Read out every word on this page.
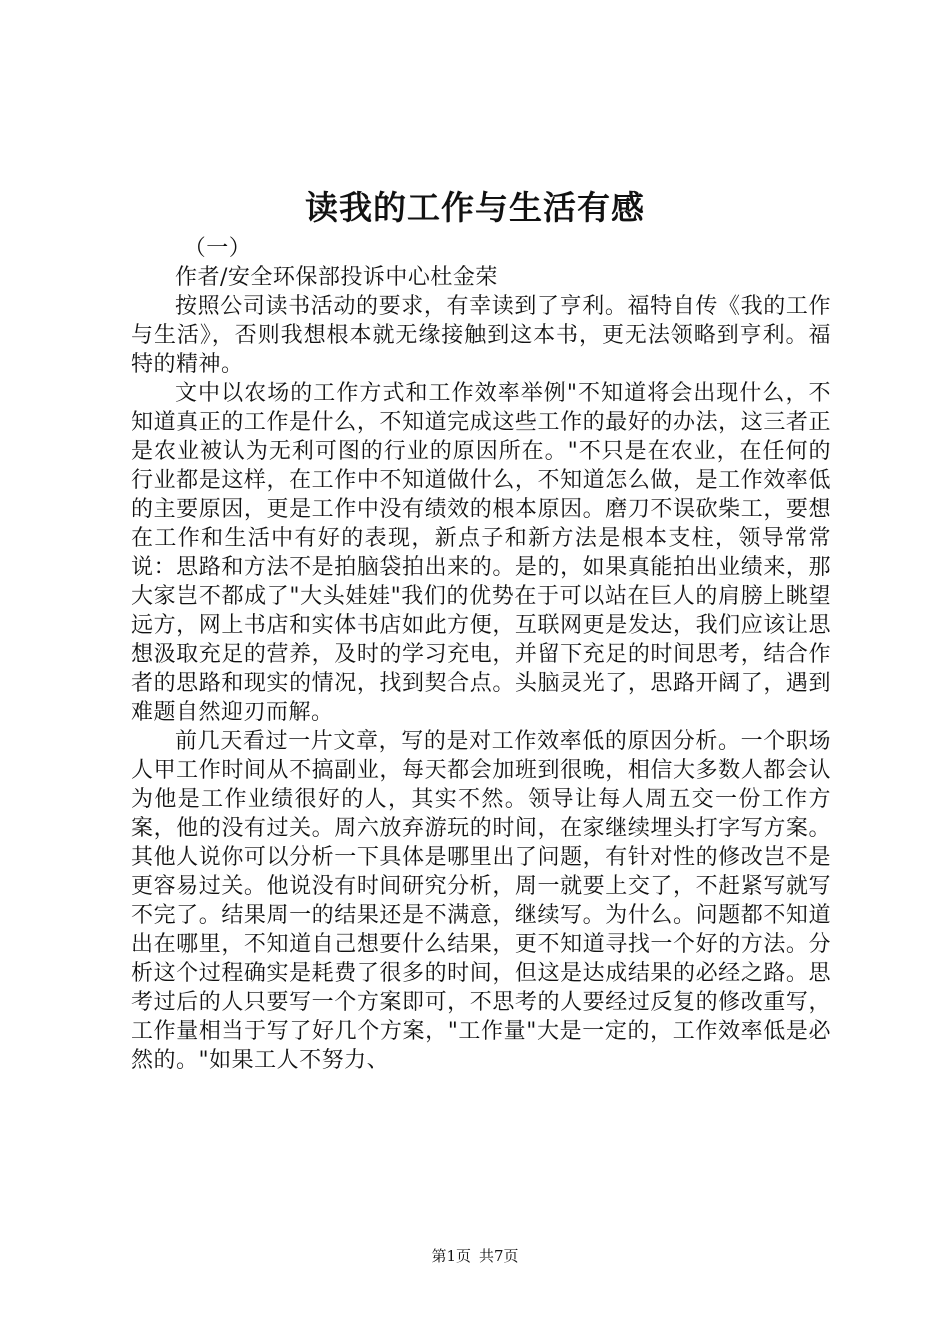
读我的工作与生活有感

（一）

作者/安全环保部投诉中心杜金荣

按照公司读书活动的要求，有幸读到了亨利。福特自传《我的工作与生活》，否则我想根本就无缘接触到这本书，更无法领略到亨利。福特的精神。

文中以农场的工作方式和工作效率举例"不知道将会出现什么，不知道真正的工作是什么，不知道完成这些工作的最好的办法，这三者正是农业被认为无利可图的行业的原因所在。"不只是在农业，在任何的行业都是这样，在工作中不知道做什么，不知道怎么做，是工作效率低的主要原因，更是工作中没有绩效的根本原因。磨刀不误砍柴工，要想在工作和生活中有好的表现，新点子和新方法是根本支柱，领导常常说：思路和方法不是拍脑袋拍出来的。是的，如果真能拍出业绩来，那大家岂不都成了"大头娃娃"我们的优势在于可以站在巨人的肩膀上眺望远方，网上书店和实体书店如此方便，互联网更是发达，我们应该让思想汲取充足的营养，及时的学习充电，并留下充足的时间思考，结合作者的思路和现实的情况，找到契合点。头脑灵光了，思路开阔了，遇到难题自然迎刃而解。

前几天看过一片文章，写的是对工作效率低的原因分析。一个职场人甲工作时间从不搞副业，每天都会加班到很晚，相信大多数人都会认为他是工作业绩很好的人，其实不然。领导让每人周五交一份工作方案，他的没有过关。周六放弃游玩的时间，在家继续埋头打字写方案。其他人说你可以分析一下具体是哪里出了问题，有针对性的修改岂不是更容易过关。他说没有时间研究分析，周一就要上交了，不赶紧写就写不完了。结果周一的结果还是不满意，继续写。为什么。问题都不知道出在哪里，不知道自己想要什么结果，更不知道寻找一个好的方法。分析这个过程确实是耗费了很多的时间，但这是达成结果的必经之路。思考过后的人只要写一个方案即可，不思考的人要经过反复的修改重写，工作量相当于写了好几个方案，"工作量"大是一定的，工作效率低是必然的。"如果工人不努力、

第1页 共7页
